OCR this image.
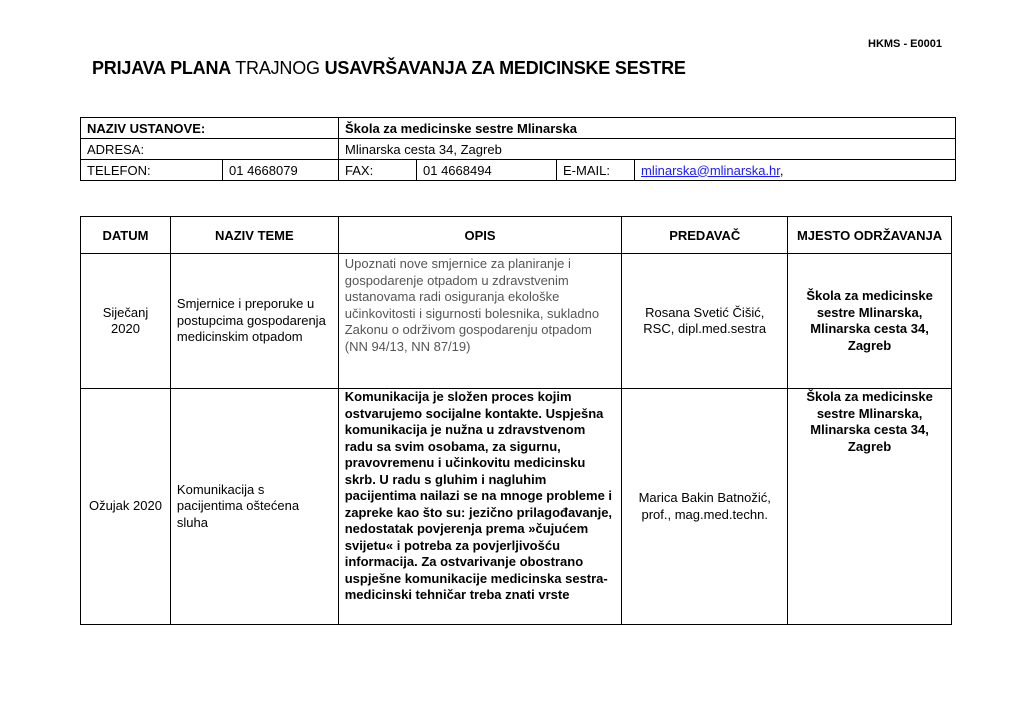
HKMS - E0001
PRIJAVA PLANA TRAJNOG USAVRŠAVANJA ZA MEDICINSKE SESTRE
NAZIV USTANOVE:		Škola za medicinske sestre Mlinarska			
ADRESA:		Mlinarska cesta 34, Zagreb			
TELEFON:	01 4668079	FAX:	01 4668494	E-MAIL:	mlinarska@mlinarska.hr,
DATUM	NAZIV TEME	OPIS	PREDAVAČ	MJESTO ODRŽAVANJA
Siječanj 2020	Smjernice i preporuke u postupcima gospodarenja medicinskim otpadom	Upoznati nove smjernice za planiranje i gospodarenje otpadom u zdravstvenim ustanovama radi osiguranja ekološke učinkovitosti i sigurnosti bolesnika, sukladno Zakonu o održivom gospodarenju otpadom (NN 94/13, NN 87/19)	Rosana Svetić Čišić, RSC, dipl.med.sestra	Škola za medicinske sestre Mlinarska, Mlinarska cesta 34, Zagreb
Ožujak 2020	Komunikacija s pacijentima oštećena sluha	Komunikacija je složen proces kojim ostvarujemo socijalne kontakte. Uspješna komunikacija je nužna u zdravstvenom radu sa svim osobama, za sigurnu, pravovremenu i učinkovitu medicinsku skrb. U radu s gluhim i nagluhim pacijentima nailazi se na mnoge probleme i zapreke kao što su: jezično prilagođavanje, nedostatak povjerenja prema »čujućem svijetu« i potreba za povjerljivošću informacija. Za ostvarivanje obostrano uspješne komunikacije medicinska sestra-medicinski tehničar treba znati vrste	Marica Bakin Batnožić, prof., mag.med.techn.	Škola za medicinske sestre Mlinarska, Mlinarska cesta 34, Zagreb
